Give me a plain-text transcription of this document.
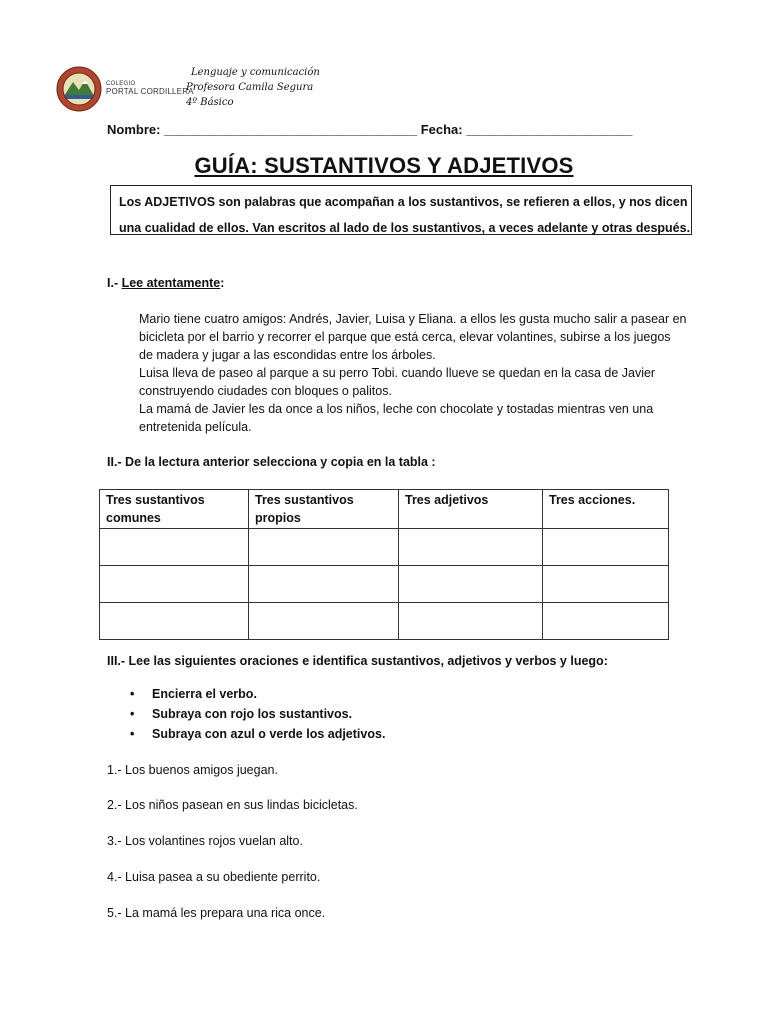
COLEGIO
PORTAL CORDILLERA
Lenguaje y comunicación
Profesora Camila Segura
4º Básico
Nombre: ___________________________________ Fecha: _______________________
GUÍA: SUSTANTIVOS Y ADJETIVOS
Los ADJETIVOS son palabras que acompañan a los sustantivos, se refieren a ellos, y nos dicen
una cualidad de ellos. Van escritos al lado de los sustantivos, a veces adelante y otras después.
I.- Lee atentamente:

Mario tiene cuatro amigos: Andrés, Javier, Luisa y Eliana. a ellos les gusta mucho salir a pasear en bicicleta por el barrio y recorrer el parque que está cerca, elevar volantines, subirse a los juegos de madera y jugar a las escondidas entre los árboles.

Luisa lleva de paseo al parque a su perro Tobi. cuando llueve se quedan en la casa de Javier construyendo ciudades con bloques o palitos.

La mamá de Javier les da once a los niños, leche con chocolate y tostadas mientras ven una entretenida película.

II.- De la lectura anterior selecciona y copia en la tabla :
Tres sustantivos comunes	Tres sustantivos propios	Tres adjetivos	Tres acciones.

III.- Lee las siguientes oraciones e identifica sustantivos, adjetivos y verbos y luego:
• Encierra el verbo.
• Subraya con rojo los sustantivos.
• Subraya con azul o verde los adjetivos.
1.- Los buenos amigos juegan.
2.- Los niños pasean en sus lindas bicicletas.
3.- Los volantines rojos vuelan alto.
4.- Luisa pasea a su obediente perrito.
5.- La mamá les prepara una rica once.
